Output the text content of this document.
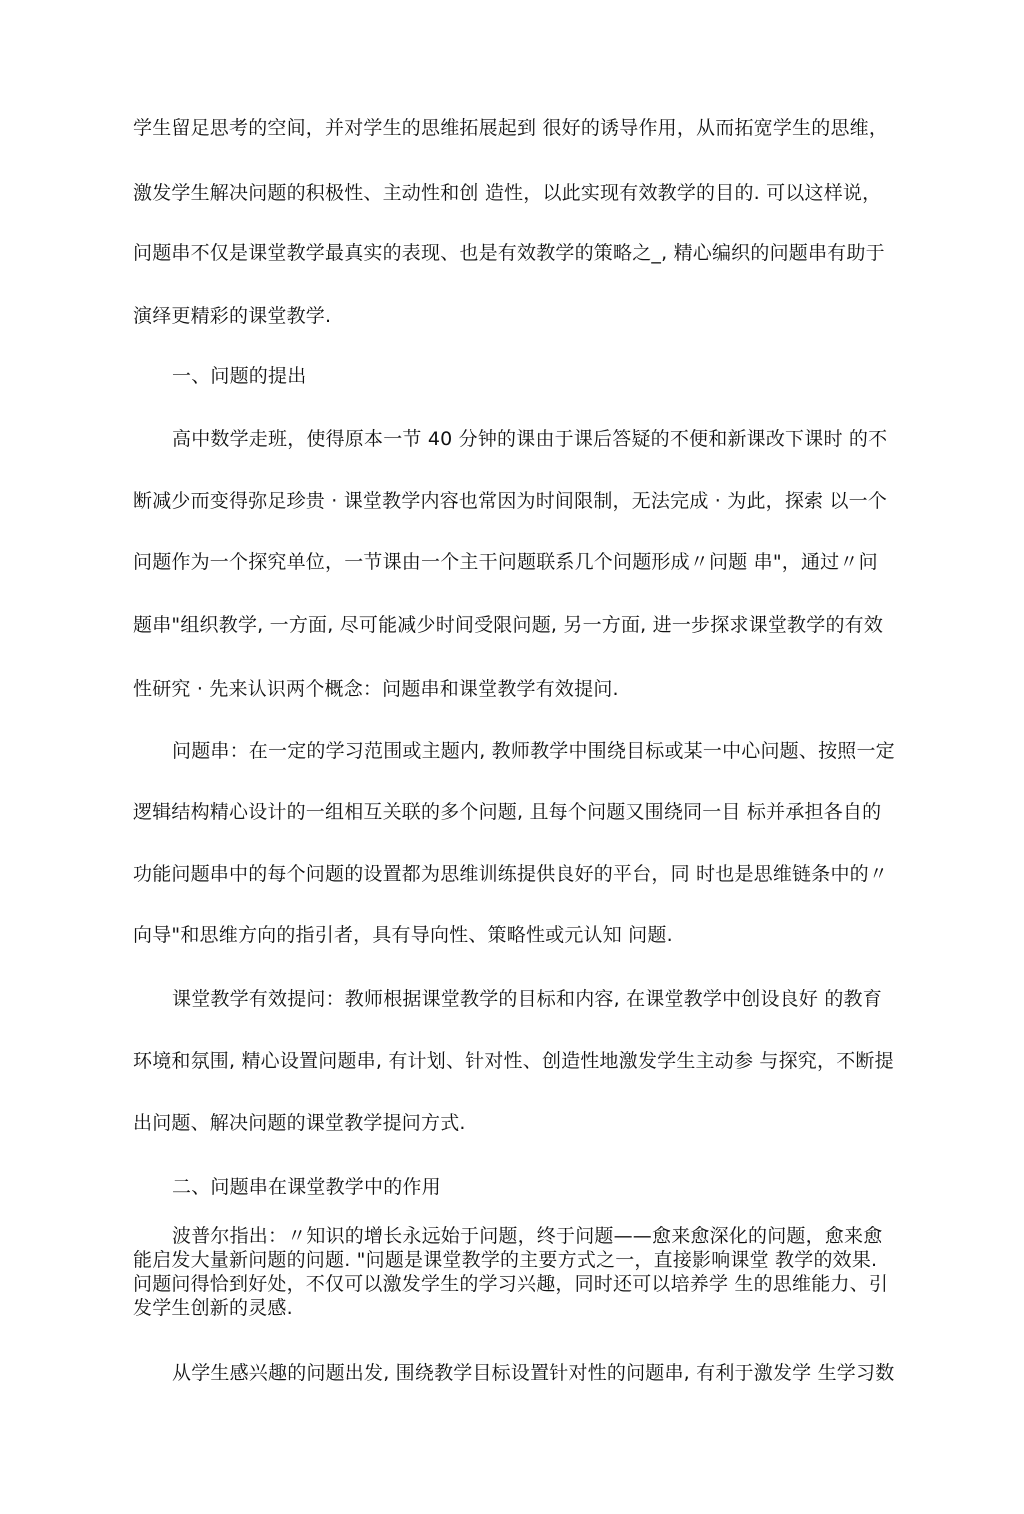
学生留足思考的空间，并对学生的思维拓展起到 很好的诱导作用，从而拓宽学生的思维，
激发学生解决问题的积极性、主动性和创 造性，以此实现有效教学的目的. 可以这样说，
问题串不仅是课堂教学最真实的表现、也是有效教学的策略之_, 精心编织的问题串有助于
演绎更精彩的课堂教学.
一、问题的提出
高中数学走班，使得原本一节 40 分钟的课由于课后答疑的不便和新课改下课时 的不
断减少而变得弥足珍贵 · 课堂教学内容也常因为时间限制，无法完成 · 为此，探索 以一个
问题作为一个探究单位，一节课由一个主干问题联系几个问题形成〃问题 串"，通过〃问
题串"组织教学, 一方面, 尽可能减少时间受限问题, 另一方面, 进一步探求课堂教学的有效
性研究 · 先来认识两个概念：问题串和课堂教学有效提问.
问题串：在一定的学习范围或主题内, 教师教学中围绕目标或某一中心问题、按照一定
逻辑结构精心设计的一组相互关联的多个问题, 且每个问题又围绕同一目 标并承担各自的
功能问题串中的每个问题的设置都为思维训练提供良好的平台，同 时也是思维链条中的〃
向导"和思维方向的指引者，具有导向性、策略性或元认知 问题.
课堂教学有效提问：教师根据课堂教学的目标和内容, 在课堂教学中创设良好 的教育
环境和氛围, 精心设置问题串, 有计划、针对性、创造性地激发学生主动参 与探究，不断提
出问题、解决问题的课堂教学提问方式.
二、问题串在课堂教学中的作用
波普尔指出：〃知识的增长永远始于问题，终于问题——愈来愈深化的问题，愈来愈
能启发大量新问题的问题. "问题是课堂教学的主要方式之一，直接影响课堂 教学的效果.
问题问得恰到好处，不仅可以激发学生的学习兴趣，同时还可以培养学 生的思维能力、引
发学生创新的灵感.
从学生感兴趣的问题出发, 围绕教学目标设置针对性的问题串, 有利于激发学 生学习数
